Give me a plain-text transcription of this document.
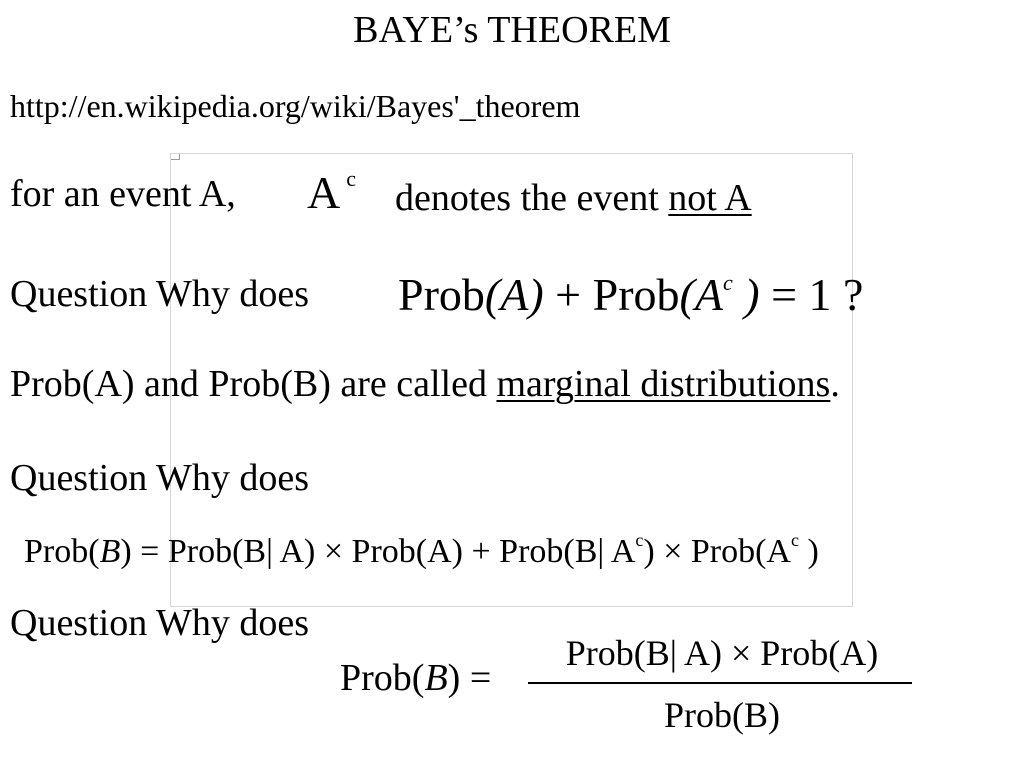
BAYE’s THEOREM
http://en.wikipedia.org/wiki/Bayes'_theorem
for an event A, A $^c$ denotes the event not A
Question Why does Prob(A) + $Prob(A^c$ ) = 1 ?
Prob(A) and Prob(B) are called marginal distributions.
Question Why does
Prob(B) = Prob(B| A) × Prob(A) + Prob(B| $A^c$) × $Prob(A^c$ )
Question Why does
Prob(B) =
Prob(B| A) × Prob(A)
Prob(B)
